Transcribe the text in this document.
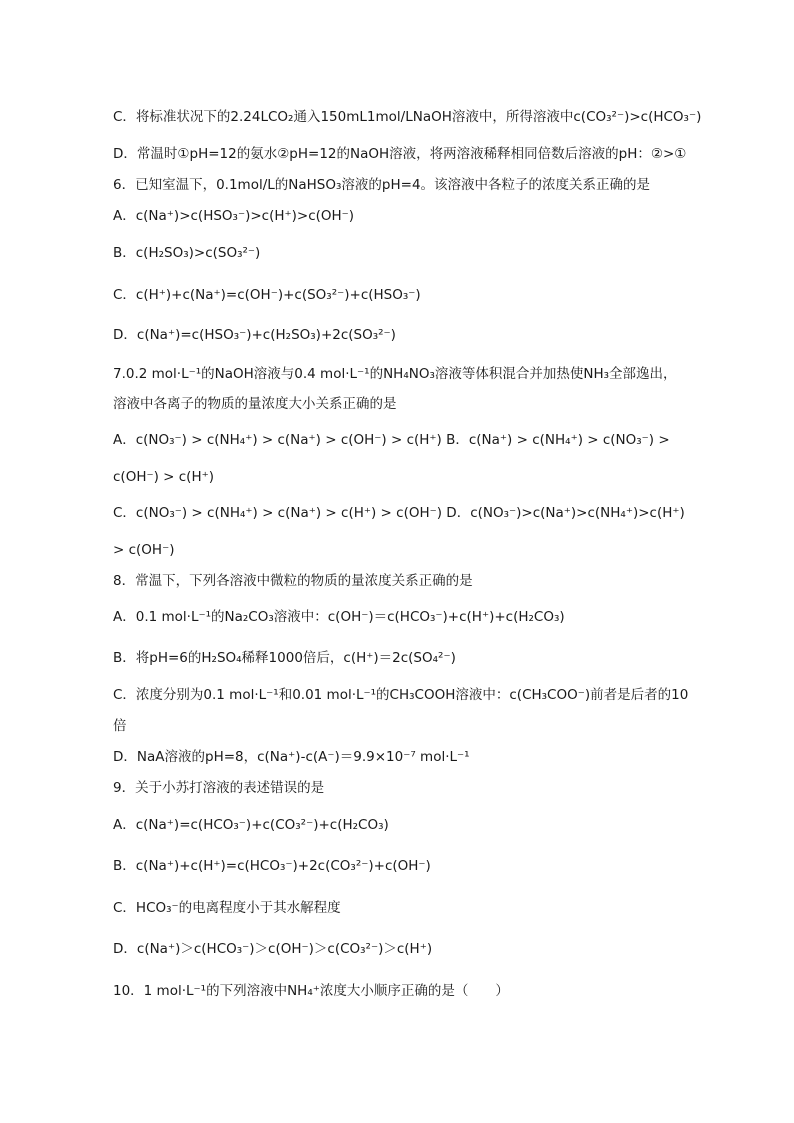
C．将标准状况下的2.24LCO₂通入150mL1mol/LNaOH溶液中，所得溶液中c(CO₃²⁻)>c(HCO₃⁻)
D．常温时①pH=12的氨水②pH=12的NaOH溶液，将两溶液稀释相同倍数后溶液的pH：②>①
6．已知室温下，0.1mol/L的NaHSO₃溶液的pH=4。该溶液中各粒子的浓度关系正确的是
A．c(Na⁺)>c(HSO₃⁻)>c(H⁺)>c(OH⁻)
B．c(H₂SO₃)>c(SO₃²⁻)
C．c(H⁺)+c(Na⁺)=c(OH⁻)+c(SO₃²⁻)+c(HSO₃⁻)
D．c(Na⁺)=c(HSO₃⁻)+c(H₂SO₃)+2c(SO₃²⁻)
7.0.2 mol·L⁻¹的NaOH溶液与0.4 mol·L⁻¹的NH₄NO₃溶液等体积混合并加热使NH₃全部逸出，
溶液中各离子的物质的量浓度大小关系正确的是
A．c(NO₃⁻) > c(NH₄⁺) > c(Na⁺) > c(OH⁻) > c(H⁺) B．c(Na⁺) > c(NH₄⁺) > c(NO₃⁻) >
c(OH⁻) > c(H⁺)
C．c(NO₃⁻) > c(NH₄⁺) > c(Na⁺) > c(H⁺) > c(OH⁻) D．c(NO₃⁻)>c(Na⁺)>c(NH₄⁺)>c(H⁺)
> c(OH⁻)
8．常温下，下列各溶液中微粒的物质的量浓度关系正确的是
A．0.1 mol·L⁻¹的Na₂CO₃溶液中：c(OH⁻)＝c(HCO₃⁻)+c(H⁺)+c(H₂CO₃)
B．将pH=6的H₂SO₄稀释1000倍后，c(H⁺)＝2c(SO₄²⁻)
C．浓度分别为0.1 mol·L⁻¹和0.01 mol·L⁻¹的CH₃COOH溶液中：c(CH₃COO⁻)前者是后者的10
倍
D．NaA溶液的pH=8，c(Na⁺)-c(A⁻)＝9.9×10⁻⁷ mol·L⁻¹
9．关于小苏打溶液的表述错误的是
A．c(Na⁺)=c(HCO₃⁻)+c(CO₃²⁻)+c(H₂CO₃)
B．c(Na⁺)+c(H⁺)=c(HCO₃⁻)+2c(CO₃²⁻)+c(OH⁻)
C．HCO₃⁻的电离程度小于其水解程度
D．c(Na⁺)＞c(HCO₃⁻)＞c(OH⁻)＞c(CO₃²⁻)＞c(H⁺)
10．1 mol·L⁻¹的下列溶液中NH₄⁺浓度大小顺序正确的是（　　）
